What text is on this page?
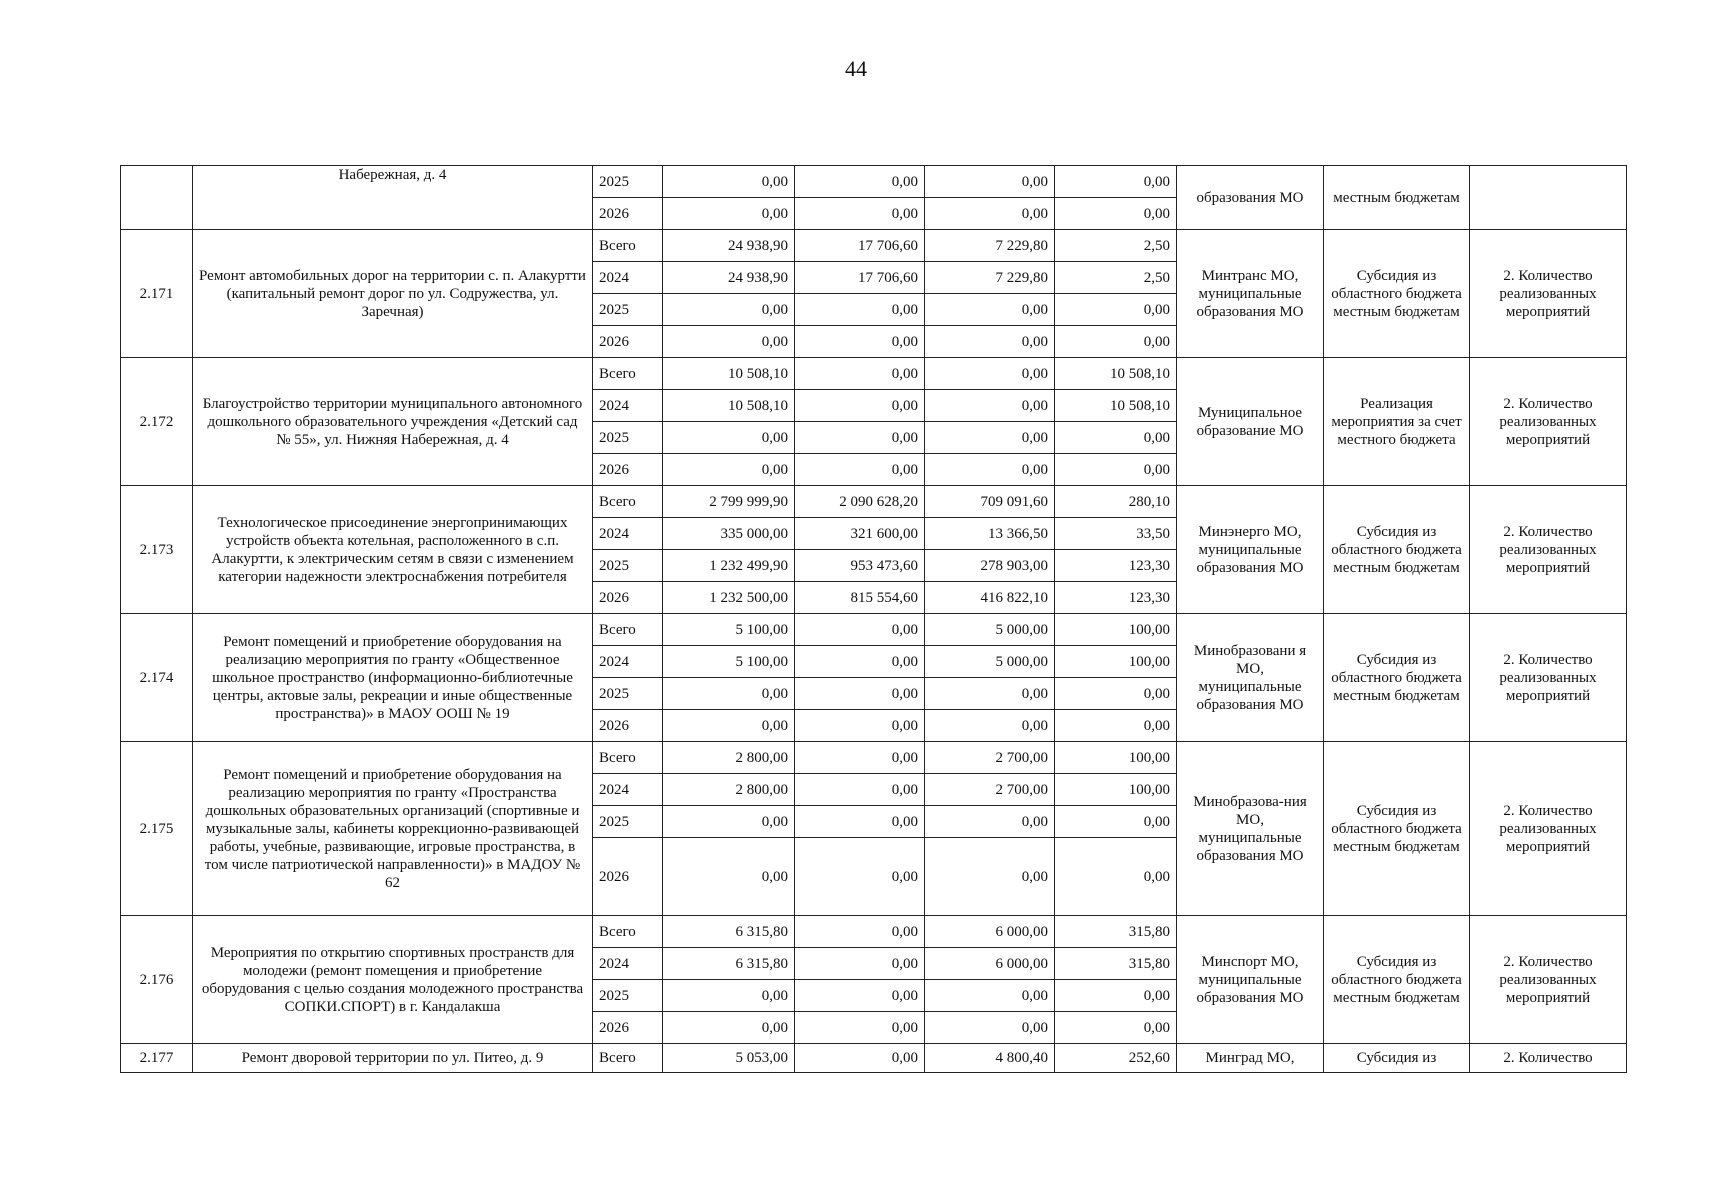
44
	Набережная, д. 4	2025	0,00	0,00	0,00	0,00	образования МО	местным бюджетам	
		2026	0,00	0,00	0,00	0,00			
2.171	Ремонт автомобильных дорог на территории с. п. Алакуртти (капитальный ремонт дорог по ул. Содружества, ул. Заречная)	Всего	24 938,90	17 706,60	7 229,80	2,50	Минтранс МО, муниципальные образования МО	Субсидия из областного бюджета местным бюджетам	2. Количество реализованных мероприятий
		2024	24 938,90	17 706,60	7 229,80	2,50			
		2025	0,00	0,00	0,00	0,00			
		2026	0,00	0,00	0,00	0,00			
2.172	Благоустройство территории муниципального автономного дошкольного образовательного учреждения «Детский сад № 55», ул. Нижняя Набережная, д. 4	Всего	10 508,10	0,00	0,00	10 508,10	Муниципальное образование МО	Реализация мероприятия за счет местного бюджета	2. Количество реализованных мероприятий
		2024	10 508,10	0,00	0,00	10 508,10			
		2025	0,00	0,00	0,00	0,00			
		2026	0,00	0,00	0,00	0,00			
2.173	Технологическое присоединение энергопринимающих устройств объекта котельная, расположенного в с.п. Алакуртти, к электрическим сетям в связи с изменением категории надежности электроснабжения потребителя	Всего	2 799 999,90	2 090 628,20	709 091,60	280,10	Минэнерго МО, муниципальные образования МО	Субсидия из областного бюджета местным бюджетам	2. Количество реализованных мероприятий
		2024	335 000,00	321 600,00	13 366,50	33,50			
		2025	1 232 499,90	953 473,60	278 903,00	123,30			
		2026	1 232 500,00	815 554,60	416 822,10	123,30			
2.174	Ремонт помещений и приобретение оборудования на реализацию мероприятия по гранту «Общественное школьное пространство (информационно-библиотечные центры, актовые залы, рекреации и иные общественные пространства)» в МАОУ ООШ № 19	Всего	5 100,00	0,00	5 000,00	100,00	Минобразовани я МО, муниципальные образования МО	Субсидия из областного бюджета местным бюджетам	2. Количество реализованных мероприятий
		2024	5 100,00	0,00	5 000,00	100,00			
		2025	0,00	0,00	0,00	0,00			
		2026	0,00	0,00	0,00	0,00			
2.175	Ремонт помещений и приобретение оборудования на реализацию мероприятия по гранту «Пространства дошкольных образовательных организаций (спортивные и музыкальные залы, кабинеты коррекционно-развивающей работы, учебные, развивающие, игровые пространства, в том числе патриотической направленности)» в МАДОУ № 62	Всего	2 800,00	0,00	2 700,00	100,00	Минобразова-ния МО, муниципальные образования МО	Субсидия из областного бюджета местным бюджетам	2. Количество реализованных мероприятий
		2024	2 800,00	0,00	2 700,00	100,00			
		2025	0,00	0,00	0,00	0,00			
		2026	0,00	0,00	0,00	0,00			
2.176	Мероприятия по открытию спортивных пространств для молодежи (ремонт помещения и приобретение оборудования с целью создания молодежного пространства СОПКИ.СПОРТ) в г. Кандалакша	Всего	6 315,80	0,00	6 000,00	315,80	Минспорт МО, муниципальные образования МО	Субсидия из областного бюджета местным бюджетам	2. Количество реализованных мероприятий
		2024	6 315,80	0,00	6 000,00	315,80			
		2025	0,00	0,00	0,00	0,00			
		2026	0,00	0,00	0,00	0,00			
2.177	Ремонт дворовой территории по ул. Питео, д. 9	Всего	5 053,00	0,00	4 800,40	252,60	Минград МО,	Субсидия из	2. Количество
